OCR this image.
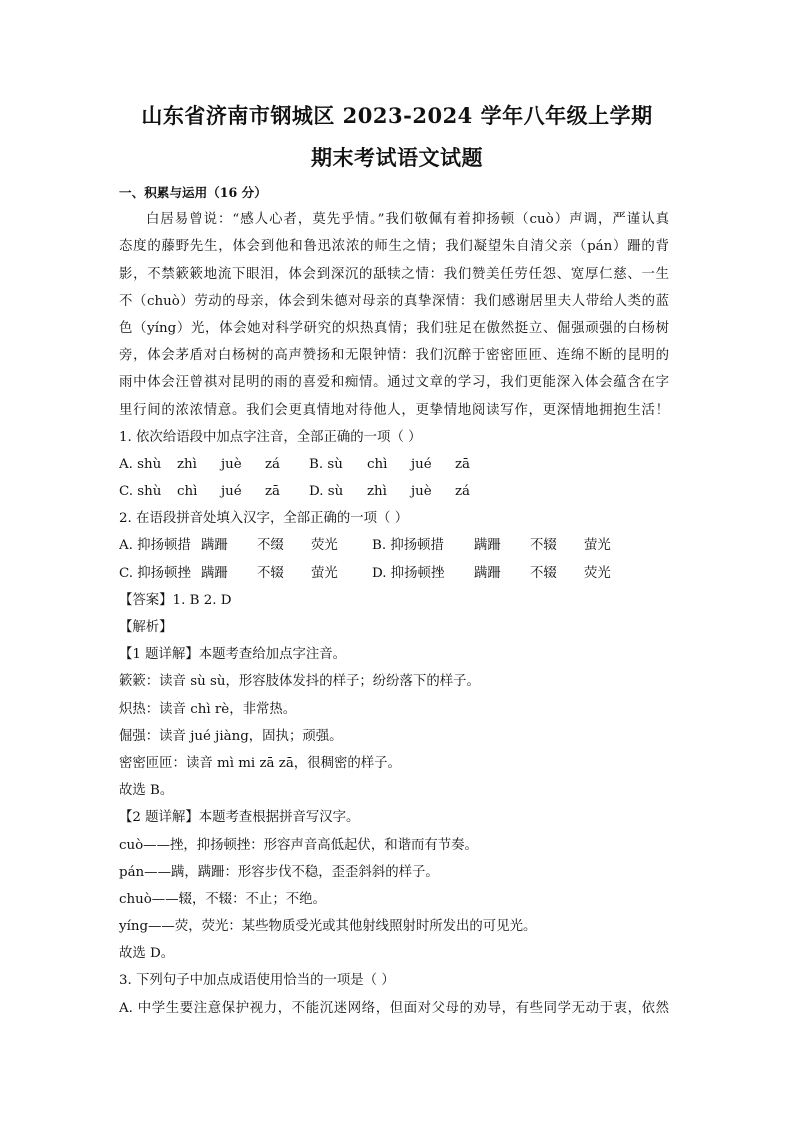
山东省济南市钢城区 2023-2024 学年八年级上学期
期末考试语文试题
一、积累与运用（16 分）
白居易曾说：“感人心者，莫先乎情。”我们敬佩有着抑扬顿（cuò）声调，严谨认真
态度的藤野先生，体会到他和鲁迅浓浓的师生之情；我们凝望朱自清父亲（pán）跚的背
影，不禁簌簌地流下眼泪，体会到深沉的舐犊之情：我们赞美任劳任怨、宽厚仁慈、一生
不（chuò）劳动的母亲，体会到朱德对母亲的真挚深情：我们感谢居里夫人带给人类的蓝
色（yíng）光，体会她对科学研究的炽热真情；我们驻足在傲然挺立、倔强顽强的白杨树
旁，体会茅盾对白杨树的高声赞扬和无限钟情：我们沉醉于密密匝匝、连绵不断的昆明的
雨中体会汪曾祺对昆明的雨的喜爱和痴情。通过文章的学习，我们更能深入体会蕴含在字
里行间的浓浓情意。我们会更真情地对待他人，更挚情地阅读写作，更深情地拥抱生活！
1. 依次给语段中加点字注音，全部正确的一项（ ）
A. shù	zhì	juè	zá	B. sù	chì	jué	zā
C. shù	chì	jué	zā	D. sù	zhì	juè	zá
2. 在语段拼音处填入汉字，全部正确的一项（ ）
A. 抑扬顿措 蹒跚	不缀	荧光	B. 抑扬顿措	蹒跚	不辍	萤光
C. 抑扬顿挫 蹒跚	不辍	萤光	D. 抑扬顿挫	蹒跚	不辍	荧光
【答案】1. B 2. D
【解析】
【1 题详解】本题考查给加点字注音。
簌簌：读音 sù sù，形容肢体发抖的样子；纷纷落下的样子。
炽热：读音 chì rè，非常热。
倔强：读音 jué jiàng，固执；顽强。
密密匝匝：读音 mì mi zā zā，很稠密的样子。
故选 B。
【2 题详解】本题考查根据拼音写汉字。
cuò——挫，抑扬顿挫：形容声音高低起伏，和谐而有节奏。
pán——蹒，蹒跚：形容步伐不稳，歪歪斜斜的样子。
chuò——辍，不辍：不止；不绝。
yíng——荧，荧光：某些物质受光或其他射线照射时所发出的可见光。
故选 D。
3. 下列句子中加点成语使用恰当的一项是（ ）
A. 中学生要注意保护视力，不能沉迷网络，但面对父母的劝导，有些同学无动于衷，依然
